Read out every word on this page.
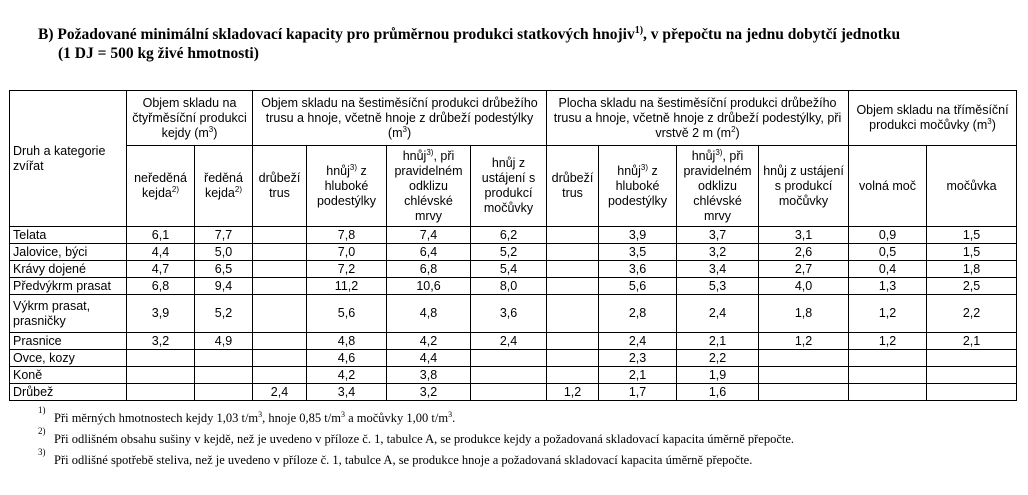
B) Požadované minimální skladovací kapacity pro průměrnou produkci statkových hnojiv$^{1)}$, v přepočtu na jednu dobytčí jednotku
(1 DJ = 500 kg živé hmotnosti)
Druh a kategorie zvířat	Objem skladu na čtyřměsíční produkci kejdy $(m^3)$		Objem skladu na šestiměsíční produkci drůbežího trusu a hnoje, včetně hnoje z drůbeží podestýlky $(m^3)$				Plocha skladu na šestiměsíční produkci drůbežího trusu a hnoje, včetně hnoje z drůbeží podestýlky, při vrstvě 2 m $(m^2)$				Objem skladu na tříměsíční produkci močůvky $(m^3)$	
	neředěná kejda$^{2)}$	ředěná kejda$^{2)}$	drůbeží trus	hnůj$^{3)}$ z hluboké podestýlky	hnůj$^{3)}$, při pravidelném odklizu chlévské mrvy	hnůj z ustájení s produkcí močůvky	drůbeží trus	hnůj$^{3)}$ z hluboké podestýlky	hnůj$^{3)}$, při pravidelném odklizu chlévské mrvy	hnůj z ustájení s produkcí močůvky	volná moč	močůvka
Telata	6,1	7,7		7,8	7,4	6,2		3,9	3,7	3,1	0,9	1,5
Jalovice, býci	4,4	5,0		7,0	6,4	5,2		3,5	3,2	2,6	0,5	1,5
Krávy dojené	4,7	6,5		7,2	6,8	5,4		3,6	3,4	2,7	0,4	1,8
Předvýkrm prasat	6,8	9,4		11,2	10,6	8,0		5,6	5,3	4,0	1,3	2,5
Výkrm prasat, prasničky	3,9	5,2		5,6	4,8	3,6		2,8	2,4	1,8	1,2	2,2
Prasnice	3,2	4,9		4,8	4,2	2,4		2,4	2,1	1,2	1,2	2,1
Ovce, kozy				4,6	4,4			2,3	2,2			
Koně				4,2	3,8			2,1	1,9			
Drůbež			2,4	3,4	3,2		1,2	1,7	1,6			
1)
Při měrných hmotnostech kejdy 1,03 $t/m^3$, hnoje 0,85 $t/m^3$ a močůvky 1,00 $t/m^3$.
2)
Při odlišném obsahu sušiny v kejdě, než je uvedeno v příloze č. 1, tabulce A, se produkce kejdy a požadovaná skladovací kapacita úměrně přepočte.
3)
Při odlišné spotřebě steliva, než je uvedeno v příloze č. 1, tabulce A, se produkce hnoje a požadovaná skladovací kapacita úměrně přepočte.
